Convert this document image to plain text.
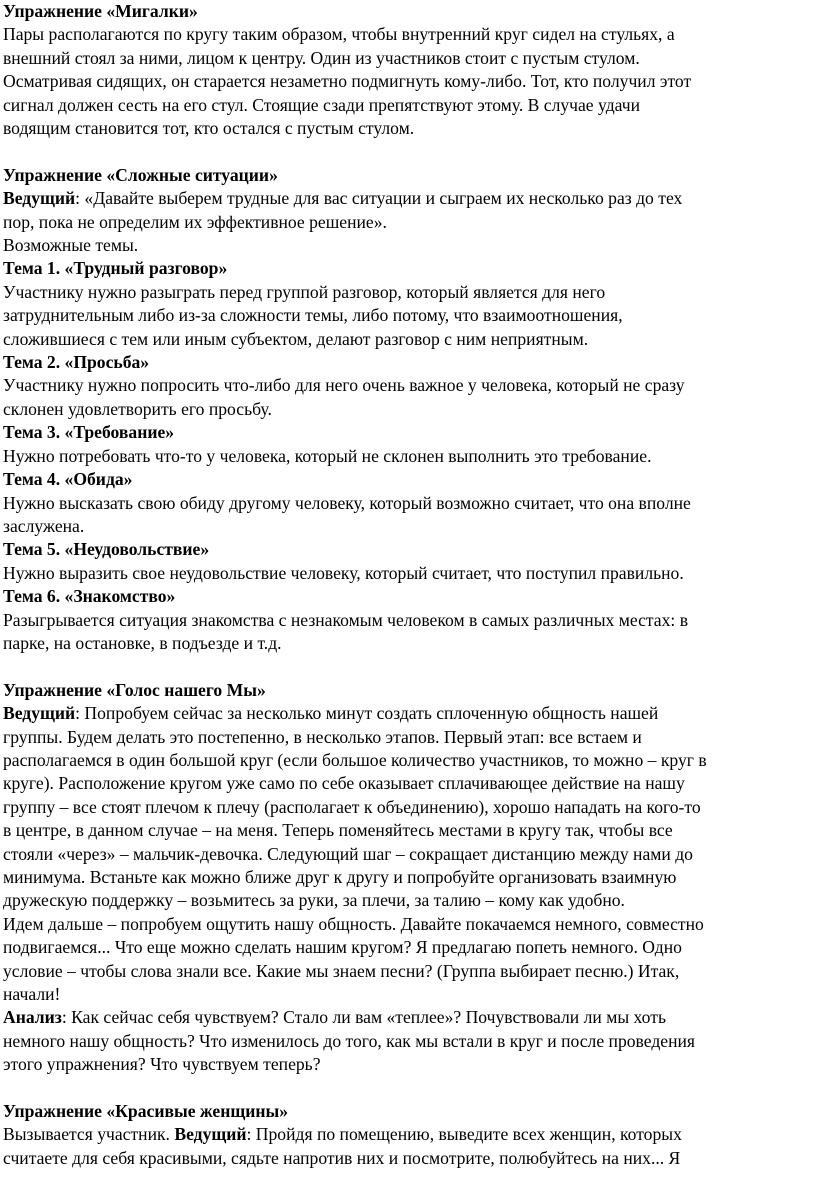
Упражнение «Мигалки»

Пары располагаются по кругу таким образом, чтобы внутренний круг сидел на стульях, а

внешний стоял за ними, лицом к центру. Один из участников стоит с пустым стулом.

Осматривая сидящих, он старается незаметно подмигнуть кому-либо. Тот, кто получил этот

сигнал должен сесть на его стул. Стоящие сзади препятствуют этому. В случае удачи

водящим становится тот, кто остался с пустым стулом.

Упражнение «Сложные ситуации»

Ведущий: «Давайте выберем трудные для вас ситуации и сыграем их несколько раз до тех

пор, пока не определим их эффективное решение».

Возможные темы.

Тема 1. «Трудный разговор»

Участнику нужно разыграть перед группой разговор, который является для него

затруднительным либо из-за сложности темы, либо потому, что взаимоотношения,

сложившиеся с тем или иным субъектом, делают разговор с ним неприятным.

Тема 2. «Просьба»

Участнику нужно попросить что-либо для него очень важное у человека, который не сразу

склонен удовлетворить его просьбу.

Тема 3. «Требование»

Нужно потребовать что-то у человека, который не склонен выполнить это требование.

Тема 4. «Обида»

Нужно высказать свою обиду другому человеку, который возможно считает, что она вполне

заслужена.

Тема 5. «Неудовольствие»

Нужно выразить свое неудовольствие человеку, который считает, что поступил правильно.

Тема 6. «Знакомство»

Разыгрывается ситуация знакомства с незнакомым человеком в самых различных местах: в

парке, на остановке, в подъезде и т.д.

Упражнение «Голос нашего Мы»

Ведущий: Попробуем сейчас за несколько минут создать сплоченную общность нашей

группы. Будем делать это постепенно, в несколько этапов. Первый этап: все встаем и

располагаемся в один большой круг (если большое количество участников, то можно – круг в

круге). Расположение кругом уже само по себе оказывает сплачивающее действие на нашу

группу – все стоят плечом к плечу (располагает к объединению), хорошо нападать на кого-то

в центре, в данном случае – на меня. Теперь поменяйтесь местами в кругу так, чтобы все

стояли «через» – мальчик-девочка. Следующий шаг – сокращает дистанцию между нами до

минимума. Встаньте как можно ближе друг к другу и попробуйте организовать взаимную

дружескую поддержку – возьмитесь за руки, за плечи, за талию – кому как удобно.

Идем дальше – попробуем ощутить нашу общность. Давайте покачаемся немного, совместно

подвигаемся... Что еще можно сделать нашим кругом? Я предлагаю попеть немного. Одно

условие – чтобы слова знали все. Какие мы знаем песни? (Группа выбирает песню.) Итак,

начали!

Анализ: Как сейчас себя чувствуем? Стало ли вам «теплее»? Почувствовали ли мы хоть

немного нашу общность? Что изменилось до того, как мы встали в круг и после проведения

этого упражнения? Что чувствуем теперь?

Упражнение «Красивые женщины»

Вызывается участник. Ведущий: Пройдя по помещению, выведите всех женщин, которых

считаете для себя красивыми, сядьте напротив них и посмотрите, полюбуйтесь на них... Я
